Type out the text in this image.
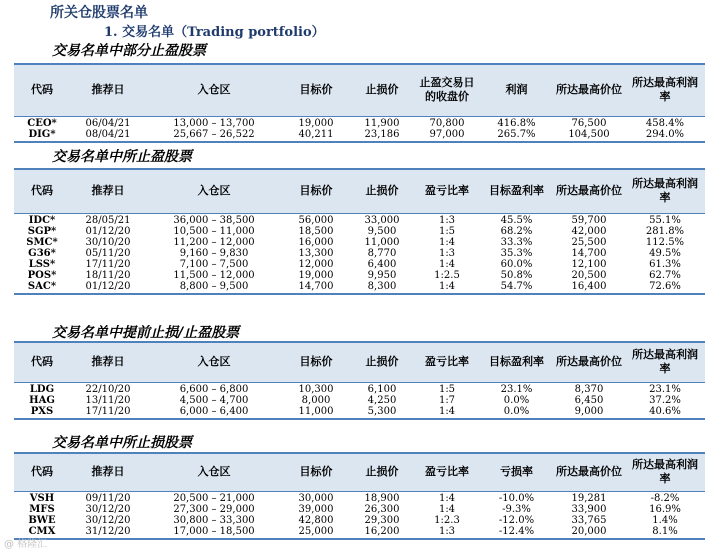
所关仓股票名单
1. 交易名单（Trading portfolio）
交易名单中部分止盈股票
代码	推荐日	入仓区	目标价	止损价	止盈交易日的收盘价	利润	所达最高价位	所达最高利润率
CEO*	06/04/21	13,000 – 13,700	19,000	11,900	70,800	416.8%	76,500	458.4%
DIG*	08/04/21	25,667 – 26,522	40,211	23,186	97,000	265.7%	104,500	294.0%
交易名单中所止盈股票
代码	推荐日	入仓区	目标价	止损价	盈亏比率	目标盈利率	所达最高价位	所达最高利润率
IDC*	28/05/21	36,000 – 38,500	56,000	33,000	1:3	45.5%	59,700	55.1%
SGP*	01/12/20	10,500 – 11,000	18,500	9,500	1:5	68.2%	42,000	281.8%
SMC*	30/10/20	11,200 – 12,000	16,000	11,000	1:4	33.3%	25,500	112.5%
G36*	05/11/20	9,160 – 9,830	13,300	8,770	1:3	35.3%	14,700	49.5%
LSS*	17/11/20	7,100 – 7,500	12,000	6,400	1:4	60.0%	12,100	61.3%
POS*	18/11/20	11,500 – 12,000	19,000	9,950	1:2.5	50.8%	20,500	62.7%
SAC*	01/12/20	8,800 – 9,500	14,700	8,300	1:4	54.7%	16,400	72.6%
交易名单中提前止损/止盈股票
代码	推荐日	入仓区	目标价	止损价	盈亏比率	目标盈利率	所达最高价位	所达最高利润率
LDG	22/10/20	6,600 – 6,800	10,300	6,100	1:5	23.1%	8,370	23.1%
HAG	13/11/20	4,500 – 4,700	8,000	4,250	1:7	0.0%	6,450	37.2%
PXS	17/11/20	6,000 – 6,400	11,000	5,300	1:4	0.0%	9,000	40.6%
交易名单中所止损股票
代码	推荐日	入仓区	目标价	止损价	盈亏比率	亏损率	所达最高价位	所达最高利润率
VSH	09/11/20	20,500 – 21,000	30,000	18,900	1:4	-10.0%	19,281	-8.2%
MFS	30/12/20	27,300 – 29,000	39,000	26,300	1:4	-9.3%	33,900	16.9%
BWE	30/12/20	30,800 – 33,300	42,800	29,300	1:2.3	-12.0%	33,765	1.4%
CMX	31/12/20	17,000 – 18,500	25,000	16,200	1:3	-12.4%	20,000	8.1%
@ 格隆汇
